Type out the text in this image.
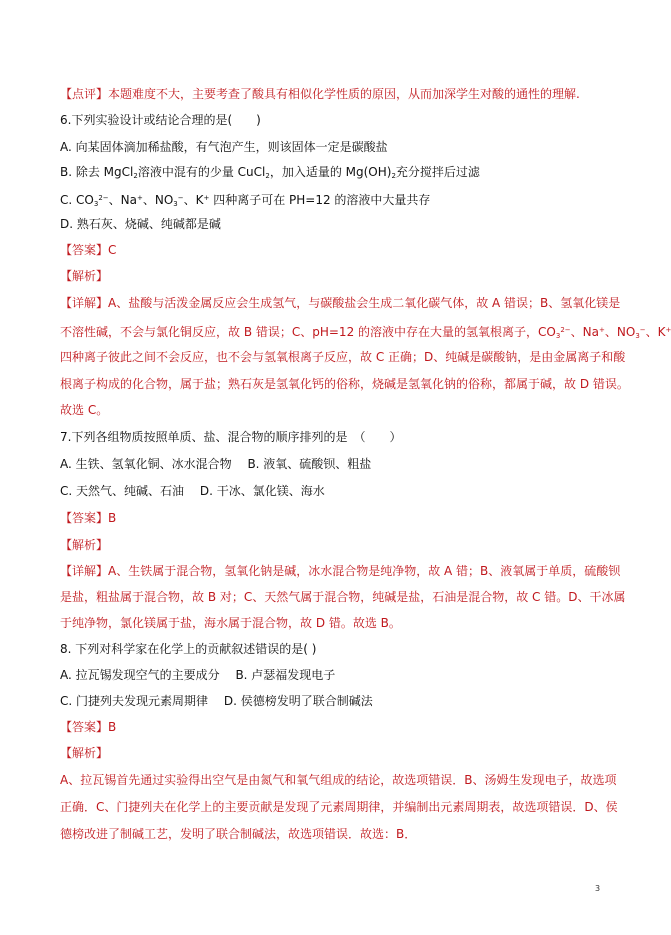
【点评】本题难度不大，主要考查了酸具有相似化学性质的原因，从而加深学生对酸的通性的理解.
6.下列实验设计或结论合理的是(　　)
A. 向某固体滴加稀盐酸，有气泡产生，则该固体一定是碳酸盐
B. 除去 MgCl$_2$溶液中混有的少量 CuCl$_2$，加入适量的 $Mg(OH)_2$充分搅拌后过滤
C. $CO_3^{2-}$、Na+、$NO_3^-$、K+ 四种离子可在 PH=12 的溶液中大量共存
D. 熟石灰、烧碱、纯碱都是碱
【答案】C
【解析】
【详解】A、盐酸与活泼金属反应会生成氢气，与碳酸盐会生成二氧化碳气体，故 A 错误；B、氢氧化镁是
不溶性碱，不会与氯化铜反应，故 B 错误；C、pH=12 的溶液中存在大量的氢氧根离子，$CO_3^{2-}$、Na+、$NO_3^-$、K+
四种离子彼此之间不会反应，也不会与氢氧根离子反应，故 C 正确；D、纯碱是碳酸钠，是由金属离子和酸
根离子构成的化合物，属于盐；熟石灰是氢氧化钙的俗称，烧碱是氢氧化钠的俗称，都属于碱，故 D 错误。
故选 C。
7.下列各组物质按照单质、盐、混合物的顺序排列的是　（　　）
A. 生铁、氢氧化铜、冰水混合物　 B. 液氧、硫酸钡、粗盐
C. 天然气、纯碱、石油　 D. 干冰、氯化镁、海水
【答案】B
【解析】
【详解】A、生铁属于混合物，氢氧化钠是碱，冰水混合物是纯净物，故 A 错；B、液氧属于单质，硫酸钡
是盐，粗盐属于混合物，故 B 对；C、天然气属于混合物，纯碱是盐，石油是混合物，故 C 错。D、干冰属
于纯净物，氯化镁属于盐，海水属于混合物，故 D 错。故选 B。
8. 下列对科学家在化学上的贡献叙述错误的是( )
A. 拉瓦锡发现空气的主要成分　 B. 卢瑟福发现电子
C. 门捷列夫发现元素周期律　 D. 侯德榜发明了联合制碱法
【答案】B
【解析】
A、拉瓦锡首先通过实验得出空气是由氮气和氧气组成的结论，故选项错误．B、汤姆生发现电子，故选项
正确．C、门捷列夫在化学上的主要贡献是发现了元素周期律，并编制出元素周期表，故选项错误．D、侯
德榜改进了制碱工艺，发明了联合制碱法，故选项错误．故选：B．
3
